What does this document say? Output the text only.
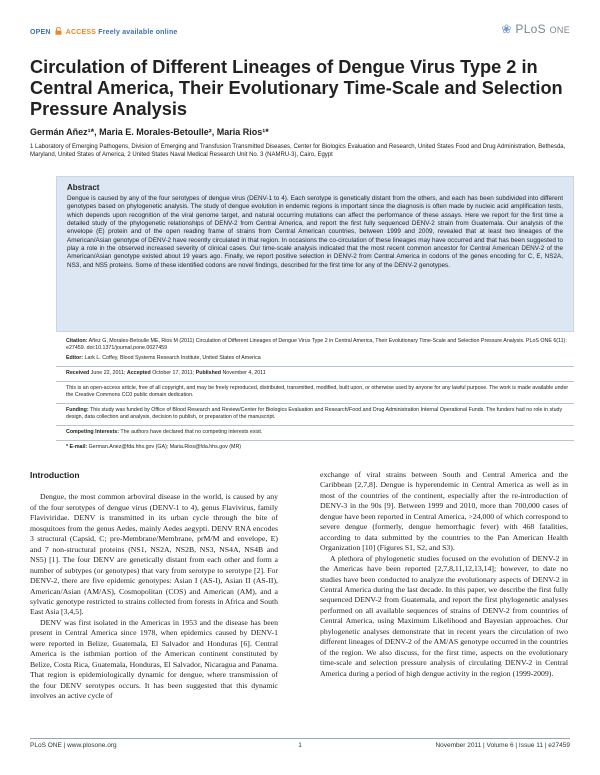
OPEN ACCESS Freely available online	❀ PLoS ONE
Circulation of Different Lineages of Dengue Virus Type 2 in Central America, Their Evolutionary Time-Scale and Selection Pressure Analysis
Germán Añez¹*, Maria E. Morales-Betoulle², Maria Rios¹*
1 Laboratory of Emerging Pathogens, Division of Emerging and Transfusion Transmitted Diseases, Center for Biologics Evaluation and Research, United States Food and Drug Administration, Bethesda, Maryland, United States of America, 2 United States Naval Medical Research Unit No. 3 (NAMRU-3), Cairo, Egypt
Abstract

Dengue is caused by any of the four serotypes of dengue virus (DENV-1 to 4). Each serotype is genetically distant from the others, and each has been subdivided into different genotypes based on phylogenetic analysis. The study of dengue evolution in endemic regions is important since the diagnosis is often made by nucleic acid amplification tests, which depends upon recognition of the viral genome target, and natural occurring mutations can affect the performance of these assays. Here we report for the first time a detailed study of the phylogenetic relationships of DENV-2 from Central America, and report the first fully sequenced DENV-2 strain from Guatemala. Our analysis of the envelope (E) protein and of the open reading frame of strains from Central American countries, between 1999 and 2009, revealed that at least two lineages of the American/Asian genotype of DENV-2 have recently circulated in that region. In occasions the co-circulation of these lineages may have occurred and that has been suggested to play a role in the observed increased severity of clinical cases. Our time-scale analysis indicated that the most recent common ancestor for Central American DENV-2 of the American/Asian genotype existed about 19 years ago. Finally, we report positive selection in DENV-2 from Central America in codons of the genes encoding for C, E, NS2A, NS3, and NS5 proteins. Some of these identified codons are novel findings, described for the first time for any of the DENV-2 genotypes.

Citation: Añez G, Morales-Betoulle ME, Rios M (2011) Circulation of Different Lineages of Dengue Virus Type 2 in Central America, Their Evolutionary Time-Scale and Selection Pressure Analysis. PLoS ONE 6(11): e27459. doi:10.1371/journal.pone.0027459

Editor: Lark L. Coffey, Blood Systems Research Institute, United States of America

Received June 22, 2011; Accepted October 17, 2011; Published November 4, 2011

This is an open-access article, free of all copyright, and may be freely reproduced, distributed, transmitted, modified, built upon, or otherwise used by anyone for any lawful purpose. The work is made available under the Creative Commons CC0 public domain dedication.

Funding: This study was funded by Office of Blood Research and Review/Center for Biologics Evaluation and Research/Food and Drug Administration Internal Operational Funds. The funders had no role in study design, data collection and analysis, decision to publish, or preparation of the manuscript.

Competing Interests: The authors have declared that no competing interests exist.

* E-mail: German.Anez@fda.hhs.gov (GA); Maria.Rios@fda.hhs.gov (MR)

Introduction

Dengue, the most common arboviral disease in the world, is caused by any of the four serotypes of dengue virus (DENV-1 to 4), genus Flavivirus, family Flaviviridae. DENV is transmitted in its urban cycle through the bite of mosquitoes from the genus Aedes, mainly Aedes aegypti. DENV RNA encodes 3 structural (Capsid, C; pre-Membrane/Membrane, prM/M and envelope, E) and 7 non-structural proteins (NS1, NS2A, NS2B, NS3, NS4A, NS4B and NS5) [1]. The four DENV are genetically distant from each other and form a number of subtypes (or genotypes) that vary from serotype to serotype [2]. For DENV-2, there are five epidemic genotypes: Asian I (AS-I), Asian II (AS-II), American/Asian (AM/AS), Cosmopolitan (COS) and American (AM), and a sylvatic genotype restricted to strains collected from forests in Africa and South East Asia [3,4,5].

DENV was first isolated in the Americas in 1953 and the disease has been present in Central America since 1978, when epidemics caused by DENV-1 were reported in Belize, Guatemala, El Salvador and Honduras [6]. Central America is the isthmian portion of the American continent constituted by Belize, Costa Rica, Guatemala, Honduras, El Salvador, Nicaragua and Panama. That region is epidemiologically dynamic for dengue, where transmission of the four DENV serotypes occurs. It has been suggested that this dynamic involves an active cycle of

exchange of viral strains between South and Central America and the Caribbean [2,7,8]. Dengue is hyperendemic in Central America as well as in most of the countries of the continent, especially after the re-introduction of DENV-3 in the 90s [9]. Between 1999 and 2010, more than 700,000 cases of dengue have been reported in Central America, >24,000 of which correspond to severe dengue (formerly, dengue hemorrhagic fever) with 468 fatalities, according to data submitted by the countries to the Pan American Health Organization [10] (Figures S1, S2, and S3).

A plethora of phylogenetic studies focused on the evolution of DENV-2 in the Americas have been reported [2,7,8,11,12,13,14]; however, to date no studies have been conducted to analyze the evolutionary aspects of DENV-2 in Central America during the last decade. In this paper, we describe the first fully sequenced DENV-2 from Guatemala, and report the first phylogenetic analyses performed on all available sequences of strains of DENV-2 from countries of Central America, using Maximum Likelihood and Bayesian approaches. Our phylogenetic analyses demonstrate that in recent years the circulation of two different lineages of DENV-2 of the AM/AS genotype occurred in the countries of the region. We also discuss, for the first time, aspects on the evolutionary time-scale and selection pressure analysis of circulating DENV-2 in Central America during a period of high dengue activity in the region (1999-2009).

PLoS ONE | www.plosone.org	1	November 2011 | Volume 6 | Issue 11 | e27459
